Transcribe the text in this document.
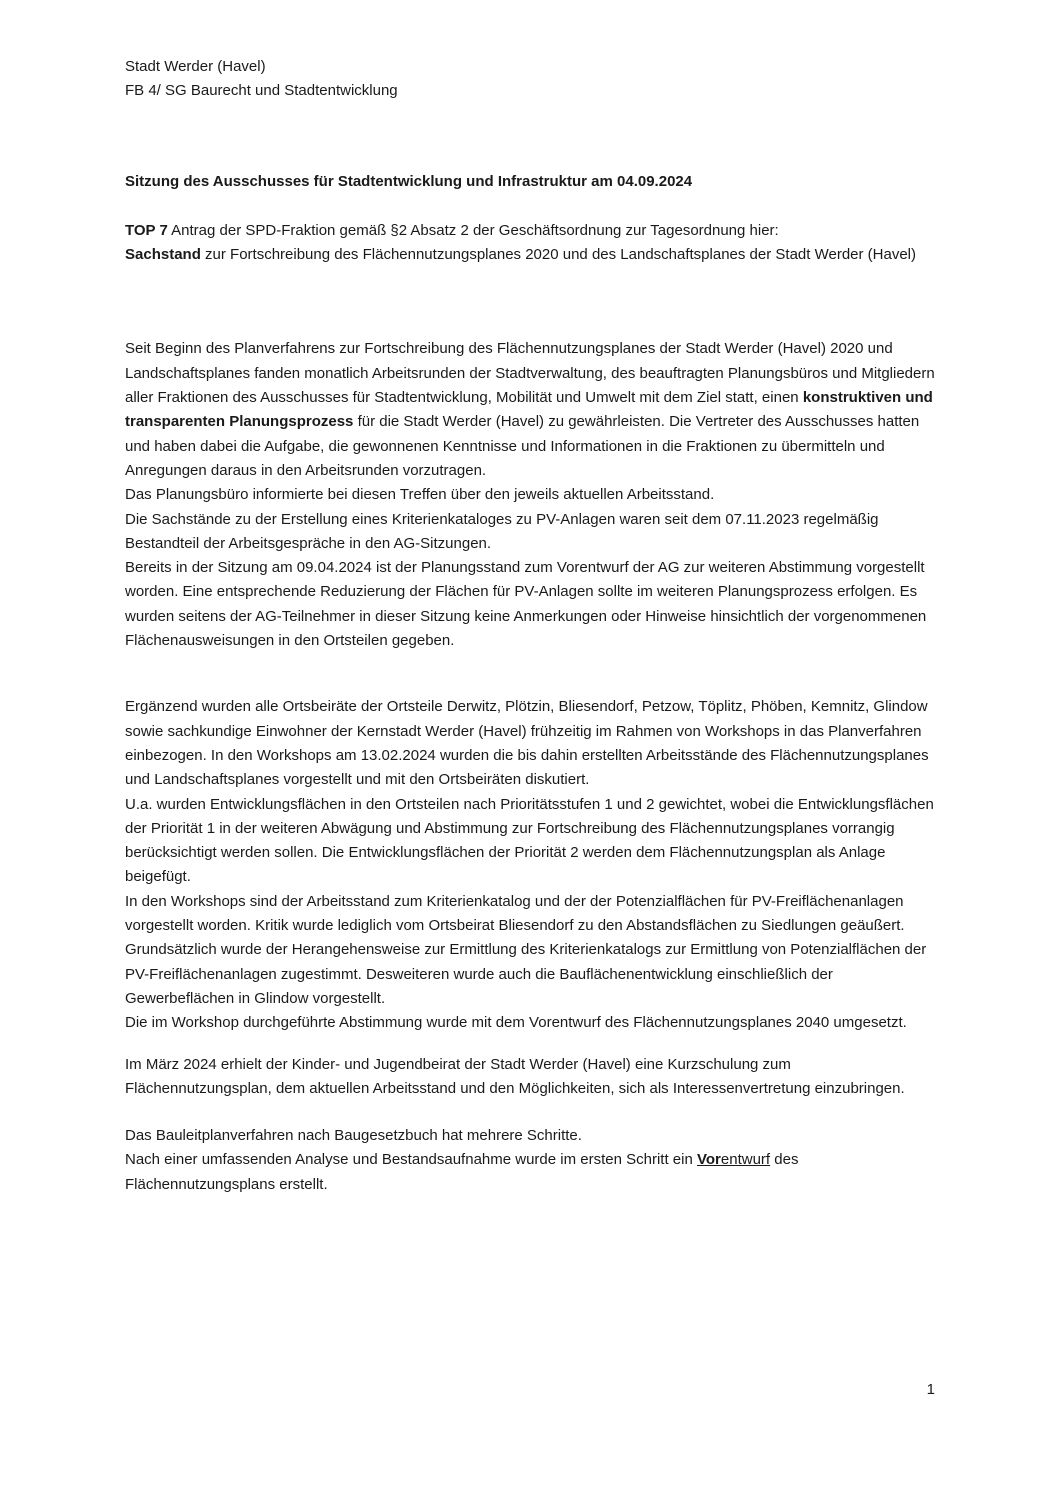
Stadt Werder (Havel)
FB 4/ SG Baurecht und Stadtentwicklung

Sitzung des Ausschusses für Stadtentwicklung und Infrastruktur am 04.09.2024

TOP 7 Antrag der SPD-Fraktion gemäß §2 Absatz 2 der Geschäftsordnung zur Tagesordnung hier:
Sachstand zur Fortschreibung des Flächennutzungsplanes 2020 und des Landschaftsplanes der Stadt Werder (Havel)

Seit Beginn des Planverfahrens zur Fortschreibung des Flächennutzungsplanes der Stadt Werder (Havel) 2020 und Landschaftsplanes fanden monatlich Arbeitsrunden der Stadtverwaltung, des beauftragten Planungsbüros und Mitgliedern aller Fraktionen des Ausschusses für Stadtentwicklung, Mobilität und Umwelt mit dem Ziel statt, einen konstruktiven und transparenten Planungsprozess für die Stadt Werder (Havel) zu gewährleisten. Die Vertreter des Ausschusses hatten und haben dabei die Aufgabe, die gewonnenen Kenntnisse und Informationen in die Fraktionen zu übermitteln und Anregungen daraus in den Arbeitsrunden vorzutragen.
Das Planungsbüro informierte bei diesen Treffen über den jeweils aktuellen Arbeitsstand.
Die Sachstände zu der Erstellung eines Kriterienkataloges zu PV-Anlagen waren seit dem 07.11.2023 regelmäßig Bestandteil der Arbeitsgespräche in den AG-Sitzungen.
Bereits in der Sitzung am 09.04.2024 ist der Planungsstand zum Vorentwurf der AG zur weiteren Abstimmung vorgestellt worden. Eine entsprechende Reduzierung der Flächen für PV-Anlagen sollte im weiteren Planungsprozess erfolgen. Es wurden seitens der AG-Teilnehmer in dieser Sitzung keine Anmerkungen oder Hinweise hinsichtlich der vorgenommenen Flächenausweisungen in den Ortsteilen gegeben.

Ergänzend wurden alle Ortsbeiräte der Ortsteile Derwitz, Plötzin, Bliesendorf, Petzow, Töplitz, Phöben, Kemnitz, Glindow sowie sachkundige Einwohner der Kernstadt Werder (Havel) frühzeitig im Rahmen von Workshops in das Planverfahren einbezogen. In den Workshops am 13.02.2024 wurden die bis dahin erstellten Arbeitsstände des Flächennutzungsplanes und Landschaftsplanes vorgestellt und mit den Ortsbeiräten diskutiert.
U.a. wurden Entwicklungsflächen in den Ortsteilen nach Prioritätsstufen 1 und 2 gewichtet, wobei die Entwicklungsflächen der Priorität 1 in der weiteren Abwägung und Abstimmung zur Fortschreibung des Flächennutzungsplanes vorrangig berücksichtigt werden sollen. Die Entwicklungsflächen der Priorität 2 werden dem Flächennutzungsplan als Anlage beigefügt.
In den Workshops sind der Arbeitsstand zum Kriterienkatalog und der der Potenzialflächen für PV-Freiflächenanlagen vorgestellt worden. Kritik wurde lediglich vom Ortsbeirat Bliesendorf zu den Abstandsflächen zu Siedlungen geäußert. Grundsätzlich wurde der Herangehensweise zur Ermittlung des Kriterienkatalogs zur Ermittlung von Potenzialflächen der PV-Freiflächenanlagen zugestimmt. Desweiteren wurde auch die Bauflächenentwicklung einschließlich der Gewerbeflächen in Glindow vorgestellt.
Die im Workshop durchgeführte Abstimmung wurde mit dem Vorentwurf des Flächennutzungsplanes 2040 umgesetzt.

Im März 2024 erhielt der Kinder- und Jugendbeirat der Stadt Werder (Havel) eine Kurzschulung zum Flächennutzungsplan, dem aktuellen Arbeitsstand und den Möglichkeiten, sich als Interessenvertretung einzubringen.

Das Bauleitplanverfahren nach Baugesetzbuch hat mehrere Schritte.
Nach einer umfassenden Analyse und Bestandsaufnahme wurde im ersten Schritt ein Vorentwurf des Flächennutzungsplans erstellt.

1
